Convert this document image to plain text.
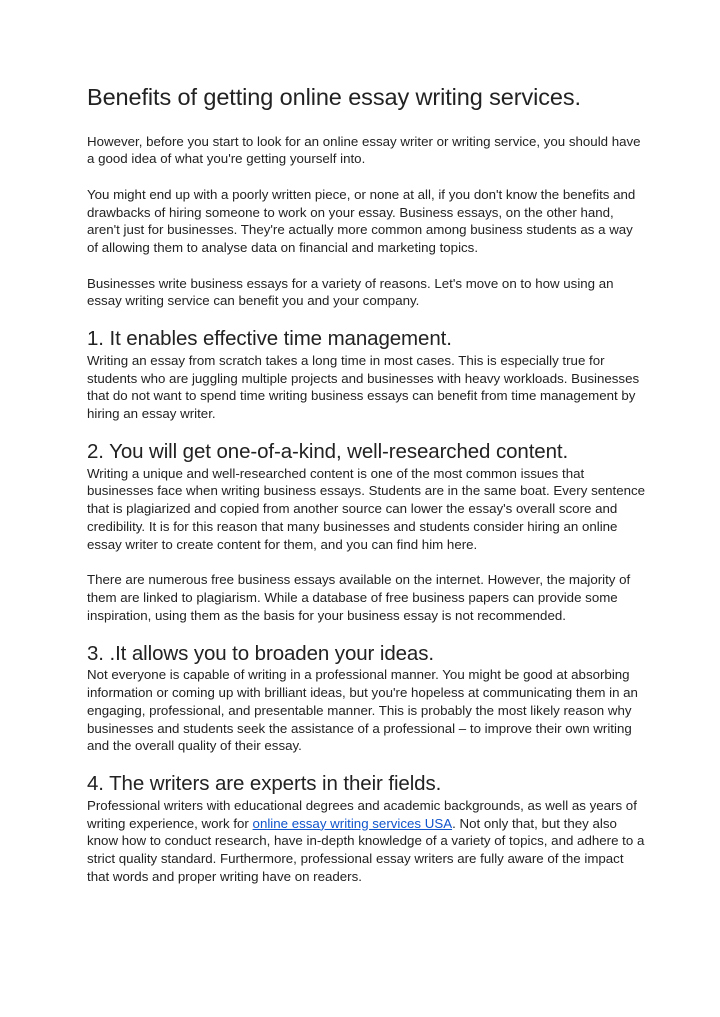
Benefits of getting online essay writing services.

However, before you start to look for an online essay writer or writing service, you should have a good idea of what you're getting yourself into.

You might end up with a poorly written piece, or none at all, if you don't know the benefits and drawbacks of hiring someone to work on your essay. Business essays, on the other hand, aren't just for businesses. They're actually more common among business students as a way of allowing them to analyse data on financial and marketing topics.

Businesses write business essays for a variety of reasons. Let's move on to how using an essay writing service can benefit you and your company.

1. It enables effective time management.

Writing an essay from scratch takes a long time in most cases. This is especially true for students who are juggling multiple projects and businesses with heavy workloads. Businesses that do not want to spend time writing business essays can benefit from time management by hiring an essay writer.

2. You will get one-of-a-kind, well-researched content.

Writing a unique and well-researched content is one of the most common issues that businesses face when writing business essays. Students are in the same boat. Every sentence that is plagiarized and copied from another source can lower the essay's overall score and credibility. It is for this reason that many businesses and students consider hiring an online essay writer to create content for them, and you can find him here.

There are numerous free business essays available on the internet. However, the majority of them are linked to plagiarism. While a database of free business papers can provide some inspiration, using them as the basis for your business essay is not recommended.

3. .It allows you to broaden your ideas.

Not everyone is capable of writing in a professional manner. You might be good at absorbing information or coming up with brilliant ideas, but you're hopeless at communicating them in an engaging, professional, and presentable manner. This is probably the most likely reason why businesses and students seek the assistance of a professional – to improve their own writing and the overall quality of their essay.

4. The writers are experts in their fields.

Professional writers with educational degrees and academic backgrounds, as well as years of writing experience, work for online essay writing services USA. Not only that, but they also know how to conduct research, have in-depth knowledge of a variety of topics, and adhere to a strict quality standard. Furthermore, professional essay writers are fully aware of the impact that words and proper writing have on readers.
